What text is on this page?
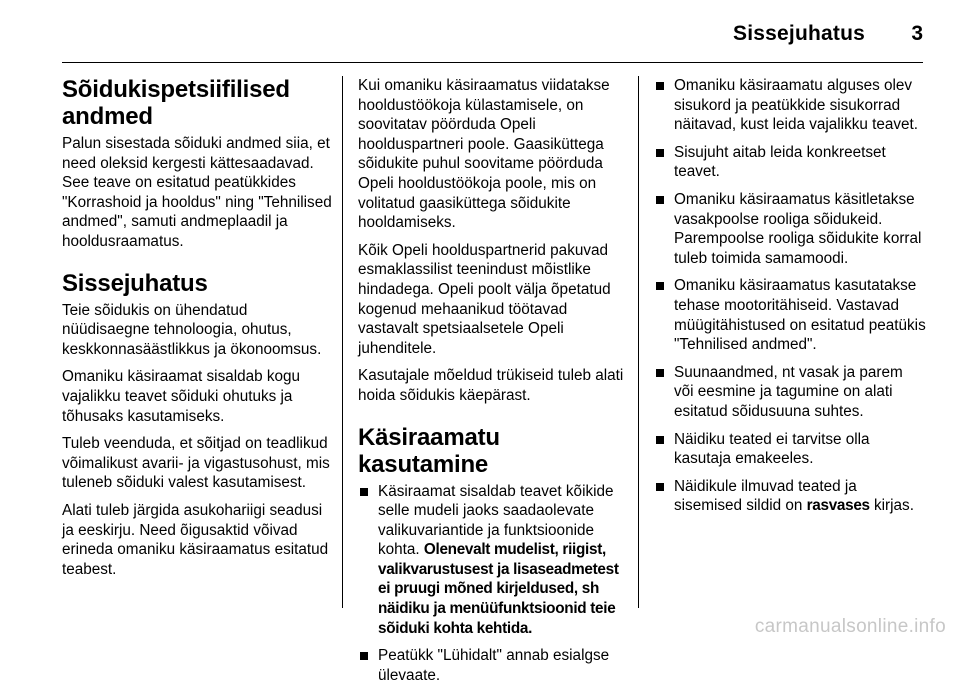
Sissejuhatus 3
Sõidukispetsiifilised andmed

Palun sisestada sõiduki andmed siia, et need oleksid kergesti kättesaadavad. See teave on esitatud peatükkides "Korrashoid ja hooldus" ning "Tehnilised andmed", samuti andmeplaadil ja hooldusraamatus.

Sissejuhatus

Teie sõidukis on ühendatud nüüdisaegne tehnoloogia, ohutus, keskkonnasäästlikkus ja ökonoomsus.

Omaniku käsiraamat sisaldab kogu vajalikku teavet sõiduki ohutuks ja tõhusaks kasutamiseks.

Tuleb veenduda, et sõitjad on teadlikud võimalikust avarii- ja vigastusohust, mis tuleneb sõiduki valest kasutamisest.

Alati tuleb järgida asukohariigi seadusi ja eeskirju. Need õigusaktid võivad erineda omaniku käsiraamatus esitatud teabest.

Kui omaniku käsiraamatus viidatakse hooldustöökoja külastamisele, on soovitatav pöörduda Opeli hoolduspartneri poole. Gaasiküttega sõidukite puhul soovitame pöörduda Opeli hooldustöökoja poole, mis on volitatud gaasiküttega sõidukite hooldamiseks.

Kõik Opeli hoolduspartnerid pakuvad esmaklassilist teenindust mõistlike hindadega. Opeli poolt välja õpetatud kogenud mehaanikud töötavad vastavalt spetsiaalsetele Opeli juhenditele.

Kasutajale mõeldud trükiseid tuleb alati hoida sõidukis käepärast.

Käsiraamatu kasutamine
Käsiraamat sisaldab teavet kõikide selle mudeli jaoks saadaolevate valikuvariantide ja funktsioonide kohta. Olenevalt mudelist, riigist, valikvarustusest ja lisaseadmetest ei pruugi mõned kirjeldused, sh näidiku ja menüüfunktsioonid teie sõiduki kohta kehtida.
Peatükk "Lühidalt" annab esialgse ülevaate.
Omaniku käsiraamatu alguses olev sisukord ja peatükkide sisukorrad näitavad, kust leida vajalikku teavet.
Sisujuht aitab leida konkreetset teavet.
Omaniku käsiraamatus käsitletakse vasakpoolse rooliga sõidukeid. Parempoolse rooliga sõidukite korral tuleb toimida samamoodi.
Omaniku käsiraamatus kasutatakse tehase mootoritähiseid. Vastavad müügitähistused on esitatud peatükis "Tehnilised andmed".
Suunaandmed, nt vasak ja parem või eesmine ja tagumine on alati esitatud sõidusuuna suhtes.
Näidiku teated ei tarvitse olla kasutaja emakeeles.
Näidikule ilmuvad teated ja sisemised sildid on rasvases kirjas.
carmanualsonline.info
